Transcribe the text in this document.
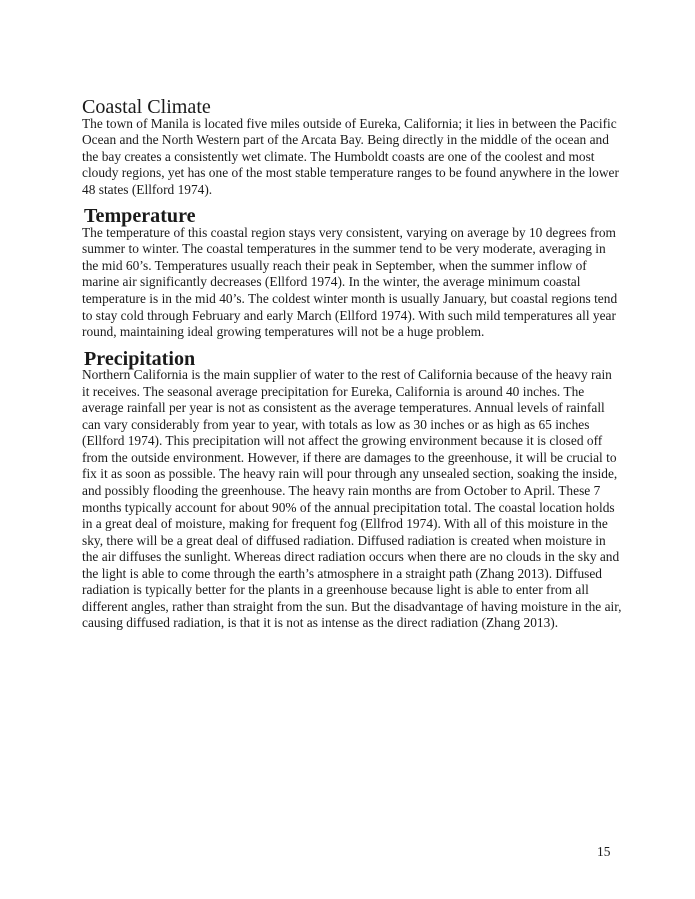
Coastal Climate

The town of Manila is located five miles outside of Eureka, California; it lies in between the Pacific Ocean and the North Western part of the Arcata Bay. Being directly in the middle of the ocean and the bay creates a consistently wet climate. The Humboldt coasts are one of the coolest and most cloudy regions, yet has one of the most stable temperature ranges to be found anywhere in the lower 48 states (Ellford 1974).

Temperature

The temperature of this coastal region stays very consistent, varying on average by 10 degrees from summer to winter. The coastal temperatures in the summer tend to be very moderate, averaging in the mid 60’s. Temperatures usually reach their peak in September, when the summer inflow of marine air significantly decreases (Ellford 1974). In the winter, the average minimum coastal temperature is in the mid 40’s. The coldest winter month is usually January, but coastal regions tend to stay cold through February and early March (Ellford 1974). With such mild temperatures all year round, maintaining ideal growing temperatures will not be a huge problem.

Precipitation

Northern California is the main supplier of water to the rest of California because of the heavy rain it receives. The seasonal average precipitation for Eureka, California is around 40 inches. The average rainfall per year is not as consistent as the average temperatures. Annual levels of rainfall can vary considerably from year to year, with totals as low as 30 inches or as high as 65 inches (Ellford 1974). This precipitation will not affect the growing environment because it is closed off from the outside environment. However, if there are damages to the greenhouse, it will be crucial to fix it as soon as possible. The heavy rain will pour through any unsealed section, soaking the inside, and possibly flooding the greenhouse. The heavy rain months are from October to April. These 7 months typically account for about 90% of the annual precipitation total. The coastal location holds in a great deal of moisture, making for frequent fog (Ellfrod 1974). With all of this moisture in the sky, there will be a great deal of diffused radiation. Diffused radiation is created when moisture in the air diffuses the sunlight. Whereas direct radiation occurs when there are no clouds in the sky and the light is able to come through the earth’s atmosphere in a straight path (Zhang 2013). Diffused radiation is typically better for the plants in a greenhouse because light is able to enter from all different angles, rather than straight from the sun. But the disadvantage of having moisture in the air, causing diffused radiation, is that it is not as intense as the direct radiation (Zhang 2013).

15
